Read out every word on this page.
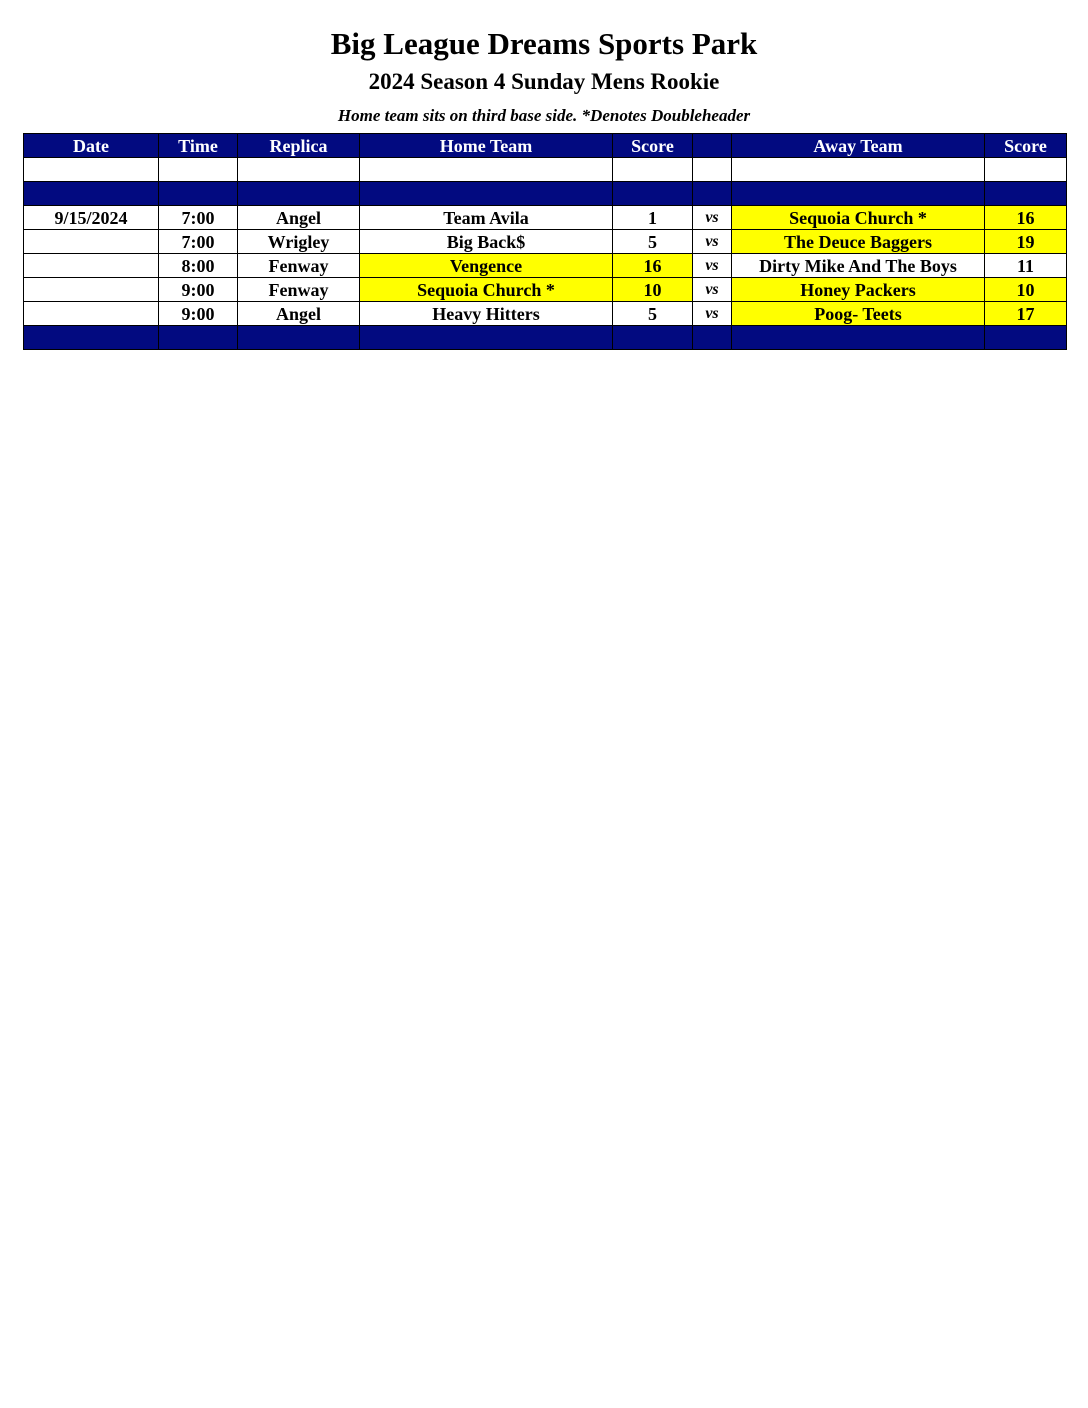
Big League Dreams Sports Park
2024 Season 4 Sunday Mens Rookie
Home team sits on third base side. *Denotes Doubleheader
Date	Time	Replica	Home Team	Score		Away Team	Score

9/15/2024	7:00	Angel	Team Avila	1	vs	Sequoia Church *	16
	7:00	Wrigley	Big Back$	5	vs	The Deuce Baggers	19
	8:00	Fenway	Vengence	16	vs	Dirty Mike And The Boys	11
	9:00	Fenway	Sequoia Church *	10	vs	Honey Packers	10
	9:00	Angel	Heavy Hitters	5	vs	Poog- Teets	17
